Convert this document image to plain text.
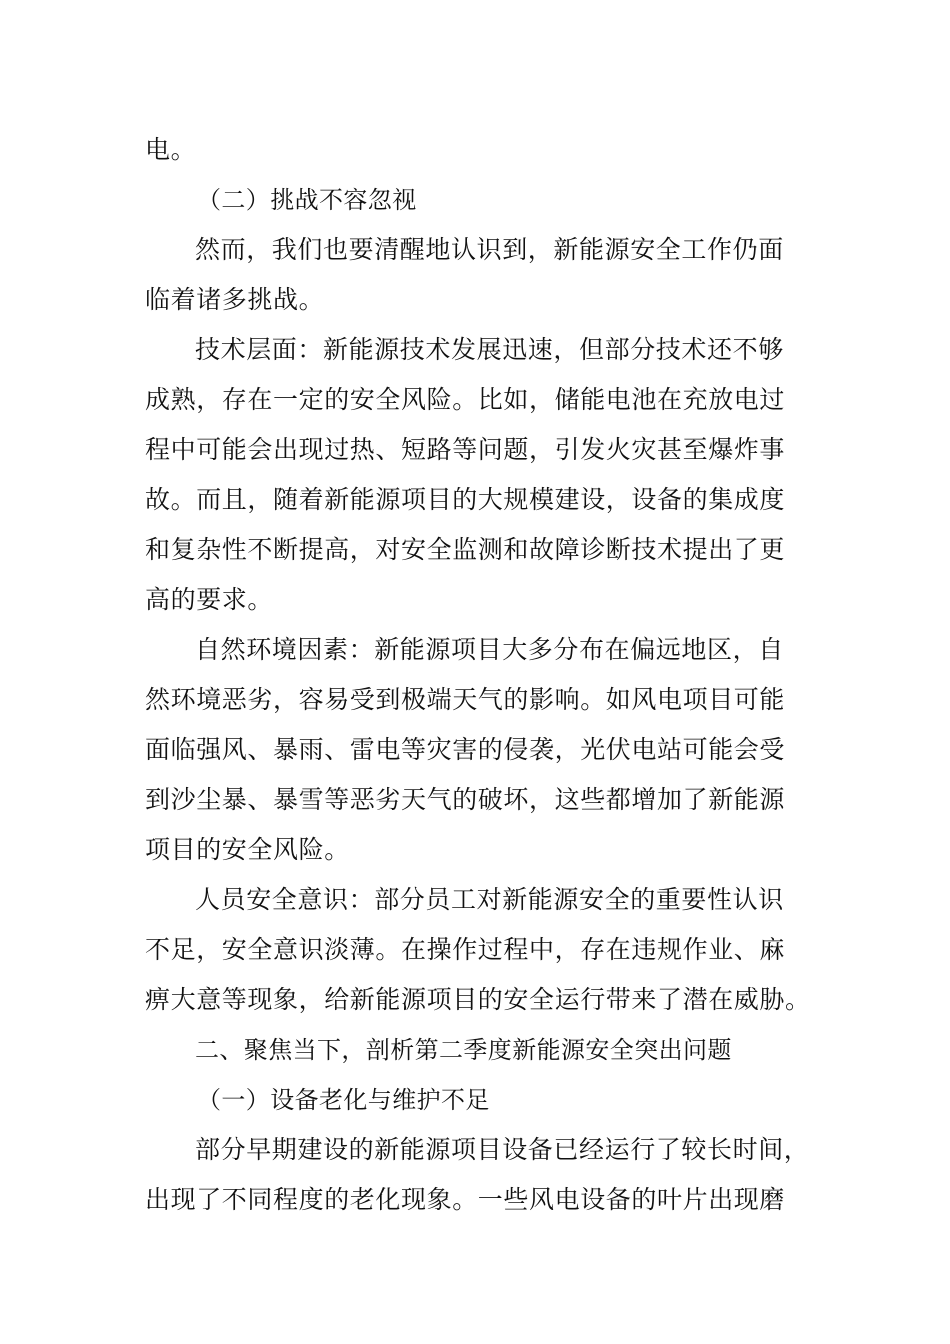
电。
（二）挑战不容忽视
然而，我们也要清醒地认识到，新能源安全工作仍面
临着诸多挑战。
技术层面：新能源技术发展迅速，但部分技术还不够
成熟，存在一定的安全风险。比如，储能电池在充放电过
程中可能会出现过热、短路等问题，引发火灾甚至爆炸事
故。而且，随着新能源项目的大规模建设，设备的集成度
和复杂性不断提高，对安全监测和故障诊断技术提出了更
高的要求。
自然环境因素：新能源项目大多分布在偏远地区，自
然环境恶劣，容易受到极端天气的影响。如风电项目可能
面临强风、暴雨、雷电等灾害的侵袭，光伏电站可能会受
到沙尘暴、暴雪等恶劣天气的破坏，这些都增加了新能源
项目的安全风险。
人员安全意识：部分员工对新能源安全的重要性认识
不足，安全意识淡薄。在操作过程中，存在违规作业、麻
痹大意等现象，给新能源项目的安全运行带来了潜在威胁。
二、聚焦当下，剖析第二季度新能源安全突出问题
（一）设备老化与维护不足
部分早期建设的新能源项目设备已经运行了较长时间，
出现了不同程度的老化现象。一些风电设备的叶片出现磨
